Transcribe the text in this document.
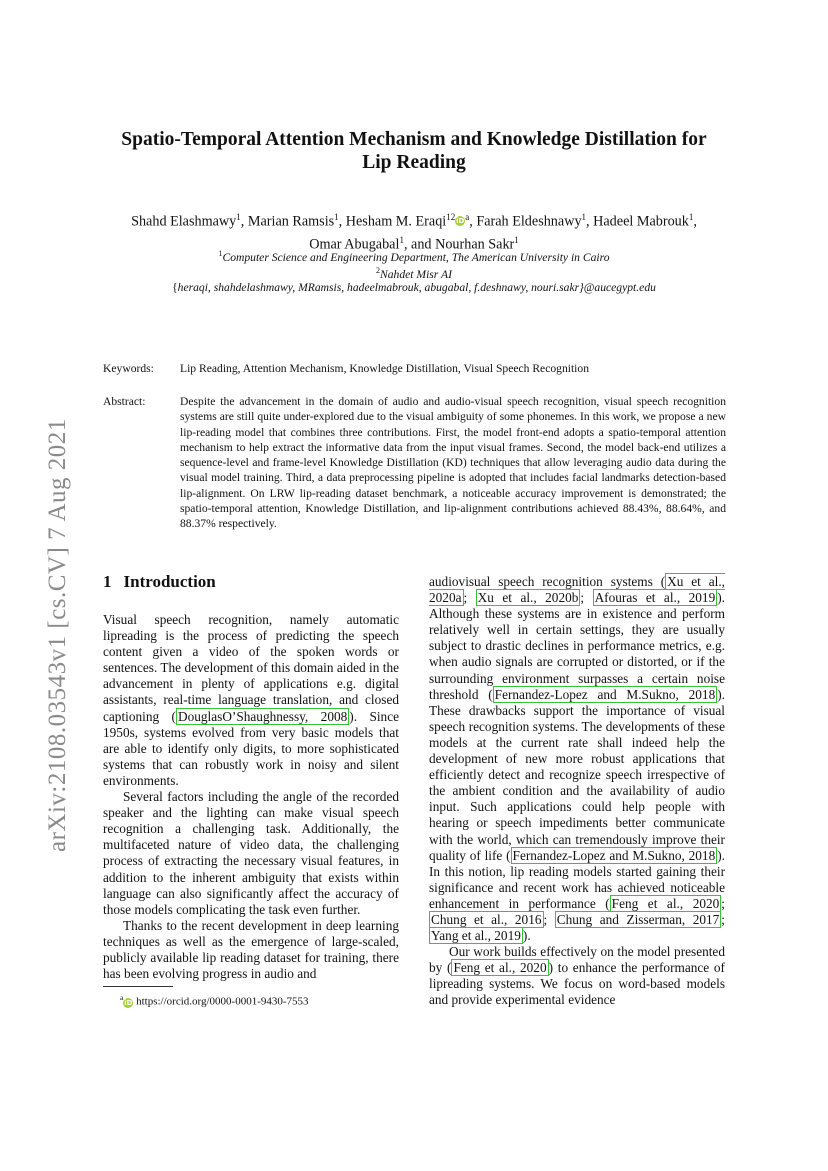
arXiv:2108.03543v1 [cs.CV] 7 Aug 2021
Spatio-Temporal Attention Mechanism and Knowledge Distillation for
Lip Reading
Shahd Elashmawy$^1$, Marian Ramsis$^1$, Hesham M. $Eraqi^{12}iD^a$, Farah Eldeshnawy$^1$, Hadeel Mabrouk$^1$,
Omar Abugabal$^1$, and Nourhan Sakr$^1$
$^1$Computer Science and Engineering Department, The American University in Cairo
$^2$Nahdet Misr AI
{heraqi, shahdelashmawy, MRamsis, hadeelmabrouk, abugabal, f.deshnawy, nouri.sakr}@aucegypt.edu
Keywords: Lip Reading, Attention Mechanism, Knowledge Distillation, Visual Speech Recognition
Abstract:	Despite the advancement in the domain of audio and audio-visual speech recognition, visual speech recognition systems are still quite under-explored due to the visual ambiguity of some phonemes. In this work, we propose a new lip-reading model that combines three contributions. First, the model front-end adopts a spatio-temporal attention mechanism to help extract the informative data from the input visual frames. Second, the model back-end utilizes a sequence-level and frame-level Knowledge Distillation (KD) techniques that allow leveraging audio data during the visual model training. Third, a data preprocessing pipeline is adopted that includes facial landmarks detection-based lip-alignment. On LRW lip-reading dataset benchmark, a noticeable accuracy improvement is demonstrated; the spatio-temporal attention, Knowledge Distillation, and lip-alignment contributions achieved 88.43%, 88.64%, and 88.37% respectively.
1 Introduction

Visual speech recognition, namely automatic lipreading is the process of predicting the speech content given a video of the spoken words or sentences. The development of this domain aided in the advancement in plenty of applications e.g. digital assistants, real-time language translation, and closed captioning ( DouglasO’Shaughnessy, 2008 ). Since 1950s, systems evolved from very basic models that are able to identify only digits, to more sophisticated systems that can robustly work in noisy and silent environments.

Several factors including the angle of the recorded speaker and the lighting can make visual speech recognition a challenging task. Additionally, the multifaceted nature of video data, the challenging process of extracting the necessary visual features, in addition to the inherent ambiguity that exists within language can also significantly affect the accuracy of those models complicating the task even further.

Thanks to the recent development in deep learning techniques as well as the emergence of large-scaled, publicly available lip reading dataset for training, there has been evolving progress in audio and

audiovisual speech recognition systems ( Xu et al., 2020a ; Xu et al., 2020b ; Afouras et al., 2019 ). Although these systems are in existence and perform relatively well in certain settings, they are usually subject to drastic declines in performance metrics, e.g. when audio signals are corrupted or distorted, or if the surrounding environment surpasses a certain noise threshold ( Fernandez-Lopez and M.Sukno, 2018 ). These drawbacks support the importance of visual speech recognition systems. The developments of these models at the current rate shall indeed help the development of new more robust applications that efficiently detect and recognize speech irrespective of the ambient condition and the availability of audio input. Such applications could help people with hearing or speech impediments better communicate with the world, which can tremendously improve their quality of life ( Fernandez-Lopez and M.Sukno, 2018 ). In this notion, lip reading models started gaining their significance and recent work has achieved noticeable enhancement in performance ( Feng et al., 2020 ; Chung et al., 2016 ; Chung and Zisserman, 2017 ; Yang et al., 2019 ).

Our work builds effectively on the model presented by ( Feng et al., 2020 ) to enhance the performance of lipreading systems. We focus on word-based models and provide experimental evidence

$^a$iD https://orcid.org/0000-0001-9430-7553
